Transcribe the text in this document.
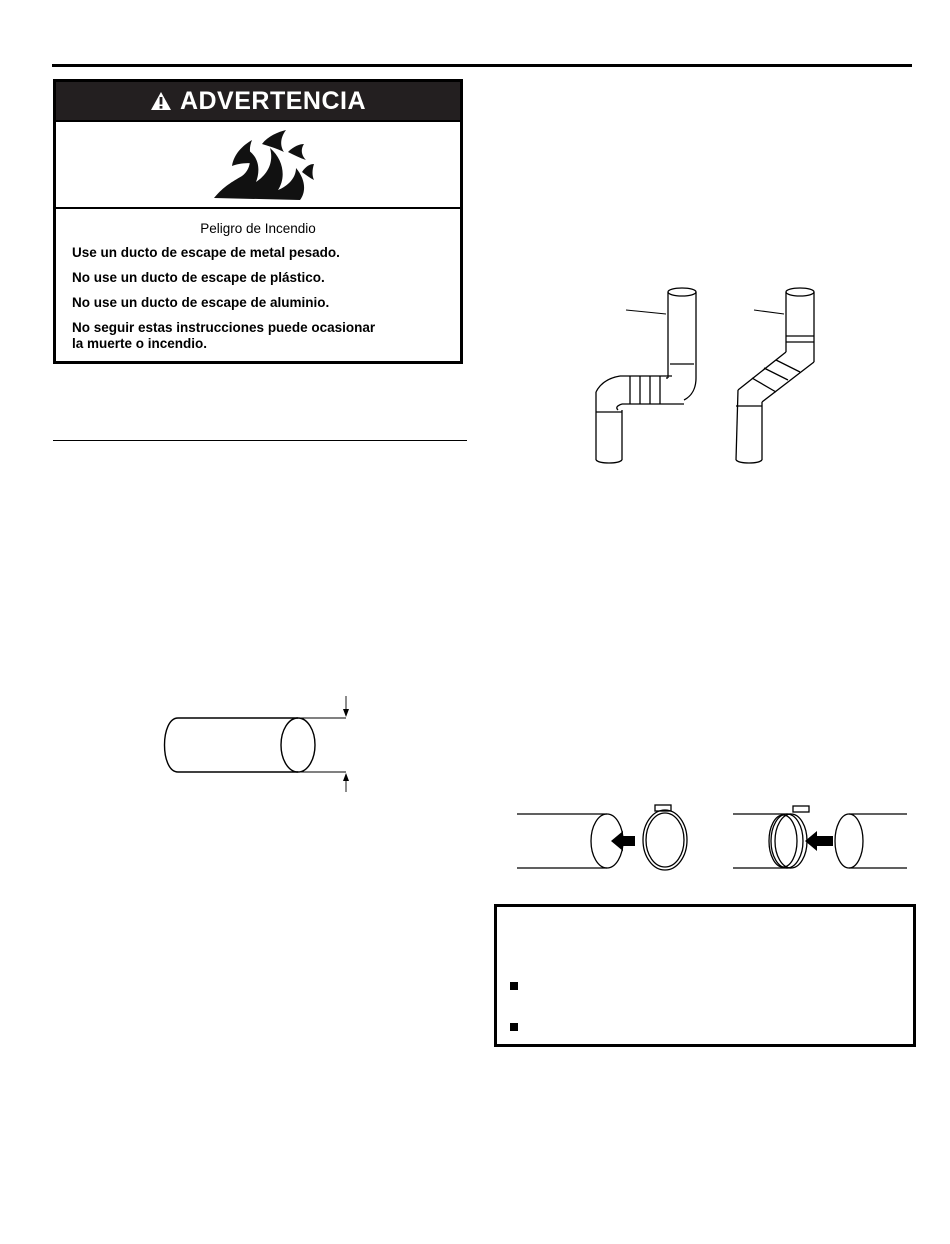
ADVERTENCIA
Peligro de Incendio
Use un ducto de escape de metal pesado.
No use un ducto de escape de plástico.
No use un ducto de escape de aluminio.
No seguir estas instrucciones puede ocasionar
la muerte o incendio.
